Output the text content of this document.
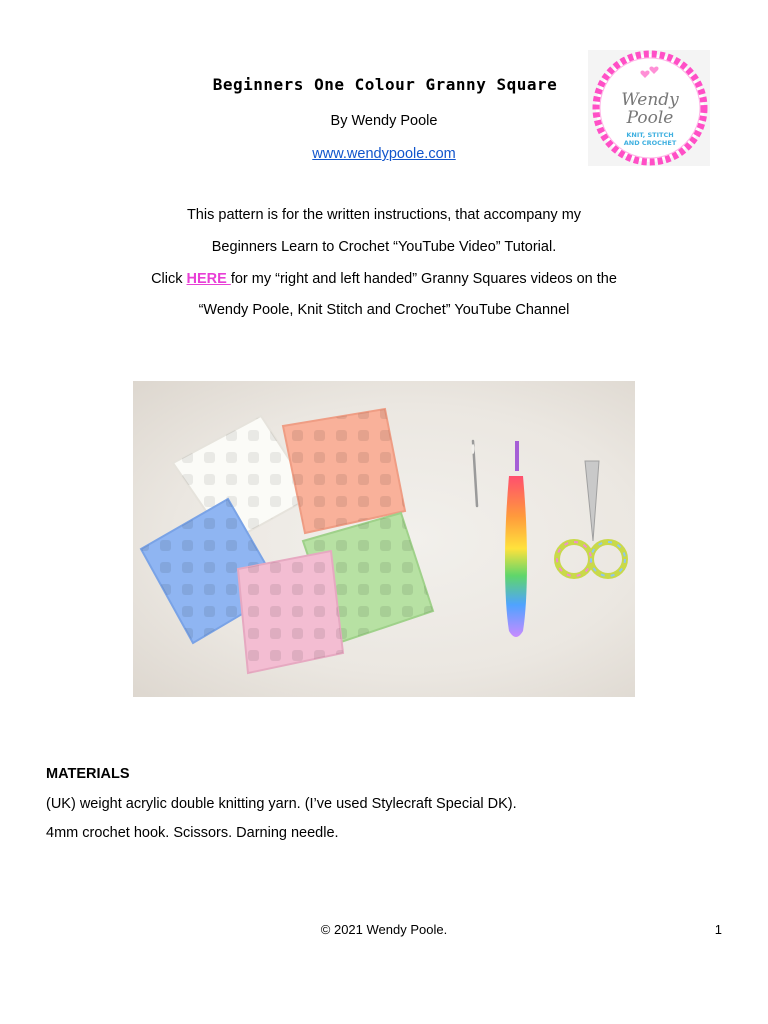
Beginners One Colour Granny Square
By Wendy Poole
www.wendypoole.com
Wendy
Poole
KNIT, STITCH
AND CROCHET
This pattern is for the written instructions, that accompany my
Beginners Learn to Crochet “YouTube Video” Tutorial.
Click HERE for my “right and left handed” Granny Squares videos on the
“Wendy Poole, Knit Stitch and Crochet” YouTube Channel
MATERIALS
(UK) weight acrylic double knitting yarn. (I’ve used Stylecraft Special DK).
4mm crochet hook. Scissors. Darning needle.
© 2021 Wendy Poole.	1
